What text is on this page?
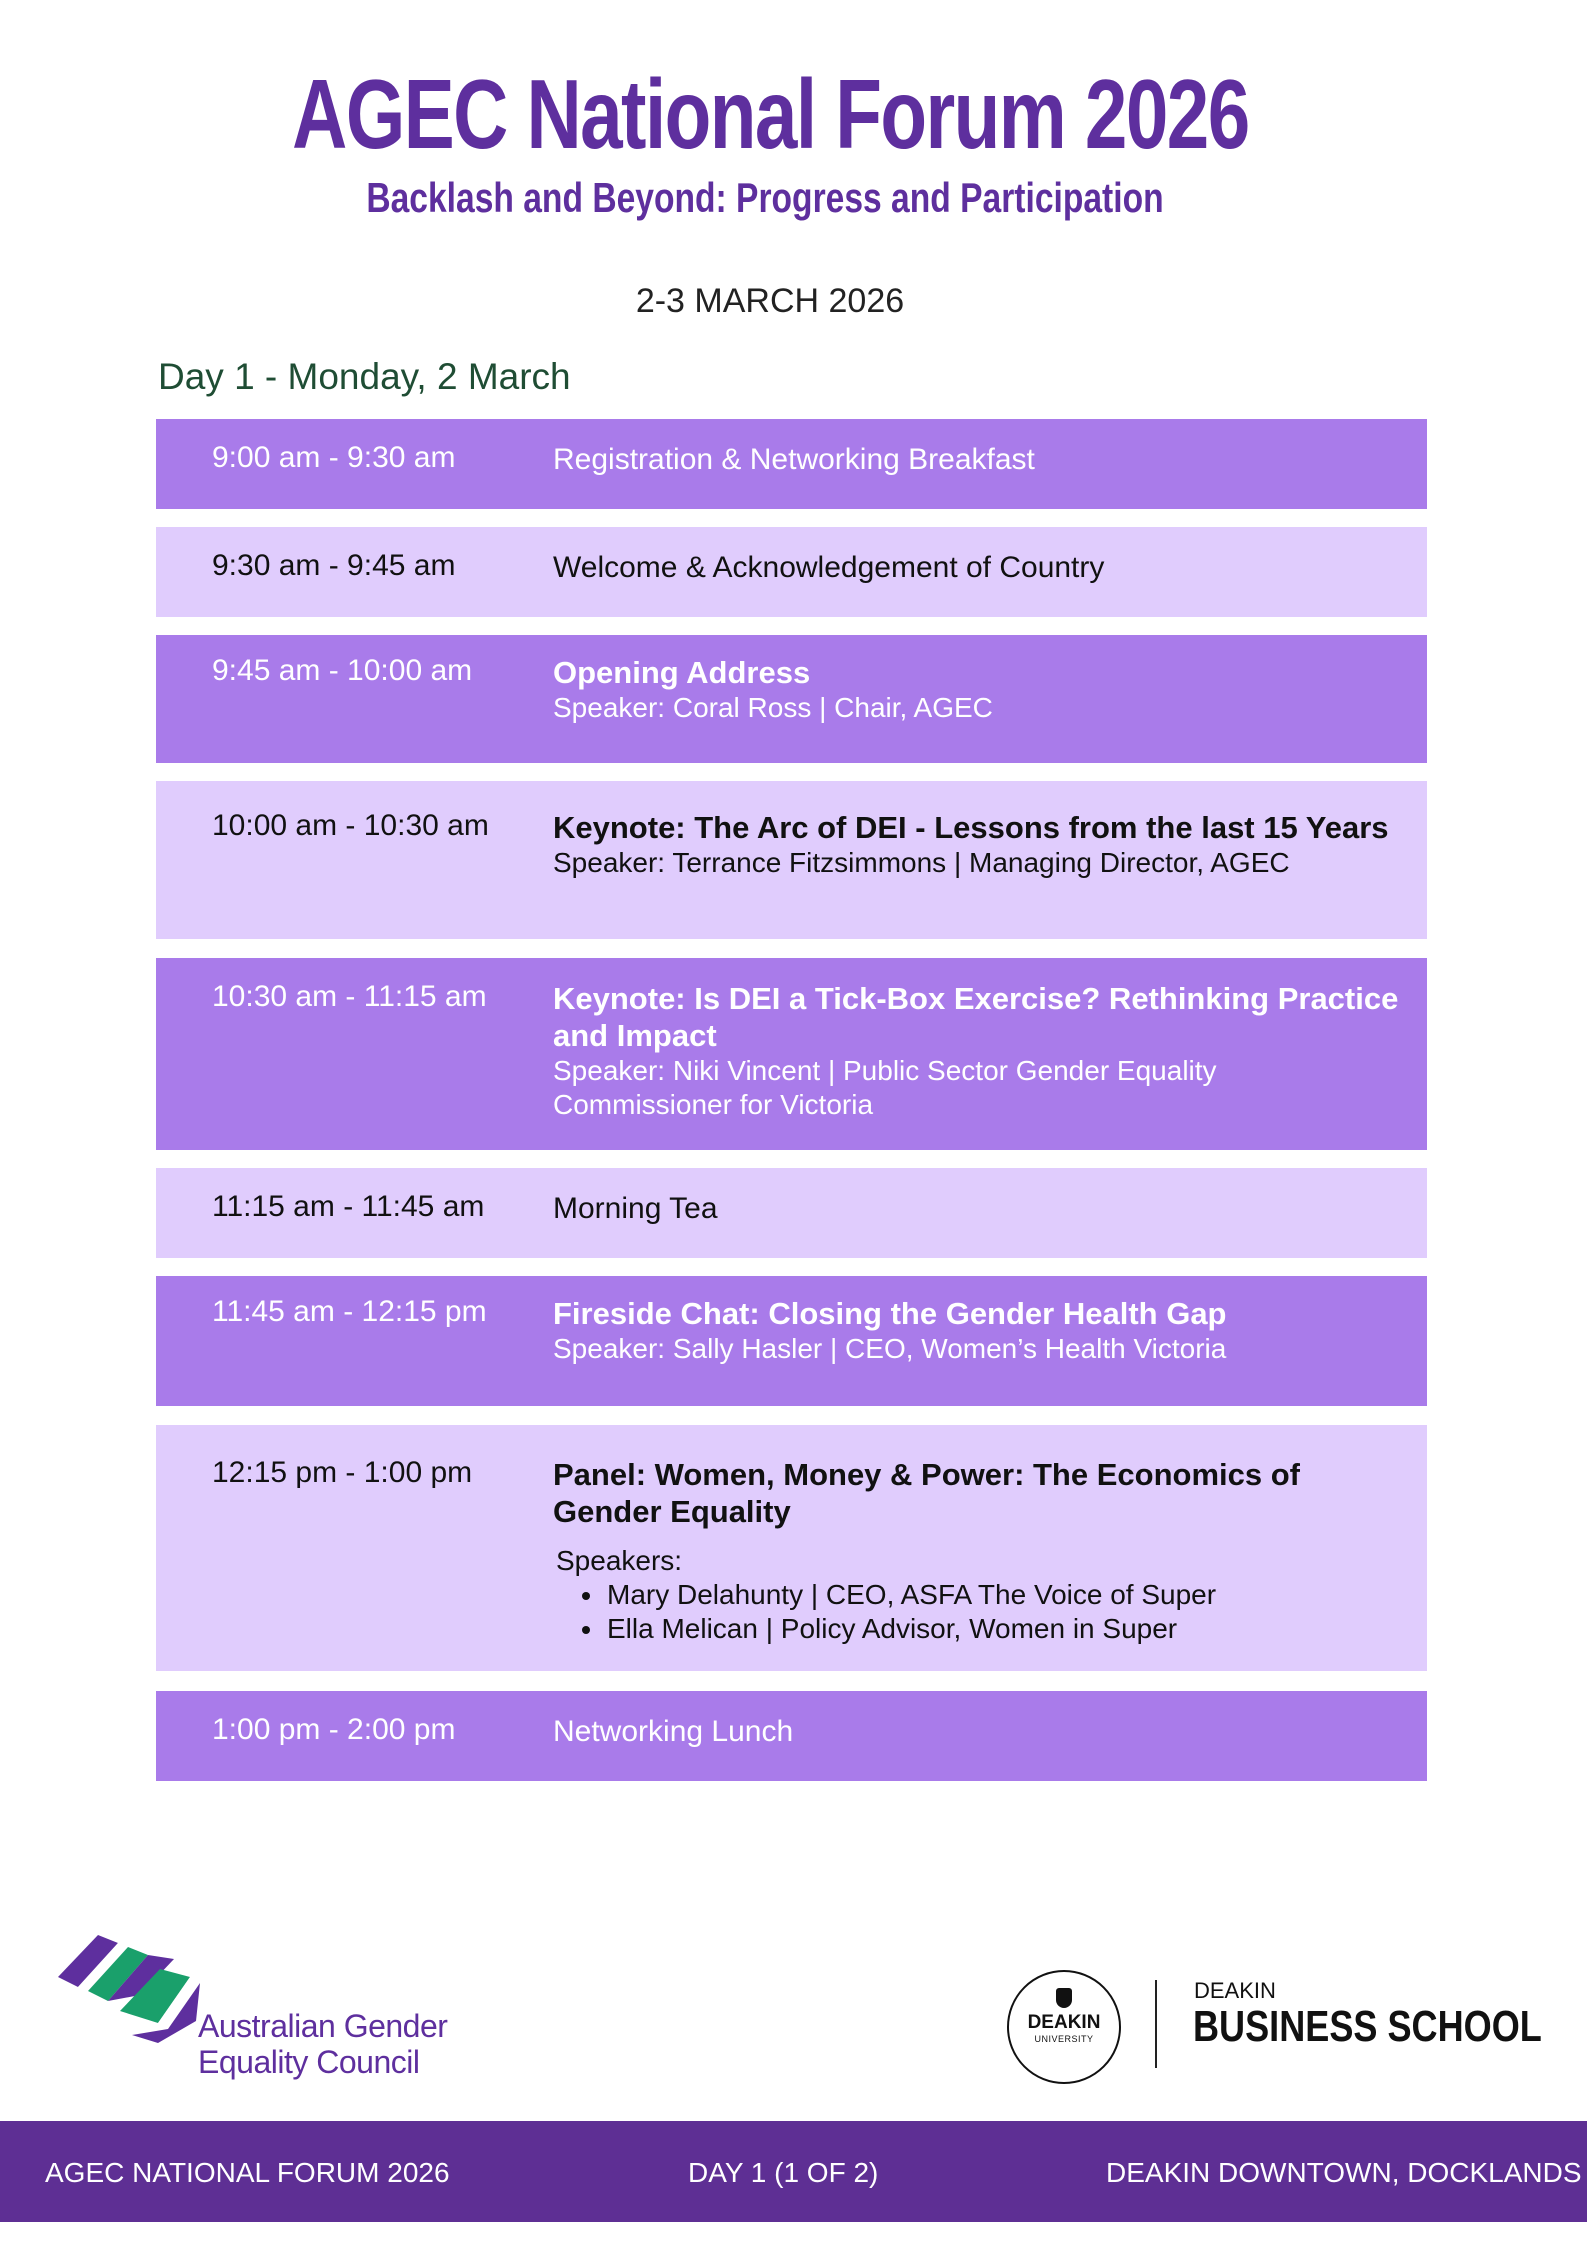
AGEC National Forum 2026
Backlash and Beyond: Progress and Participation
2-3 MARCH 2026
Day 1 - Monday, 2 March
9:00 am - 9:30 am	Registration & Networking Breakfast
9:30 am - 9:45 am	Welcome & Acknowledgement of Country
9:45 am - 10:00 am	Opening Address
Speaker: Coral Ross | Chair, AGEC
10:00 am - 10:30 am Keynote: The Arc of DEI - Lessons from the last 15 Years
Speaker: Terrance Fitzsimmons | Managing Director, AGEC
10:30 am - 11:15 am Keynote: Is DEI a Tick-Box Exercise? Rethinking Practice and Impact
Speaker: Niki Vincent | Public Sector Gender Equality Commissioner for Victoria
11:15 am - 11:45 am Morning Tea
11:45 am - 12:15 pm Fireside Chat: Closing the Gender Health Gap
Speaker: Sally Hasler | CEO, Women’s Health Victoria
12:15 pm - 1:00 pm	Panel: Women, Money & Power: The Economics of Gender Equality
Speakers:
• Mary Delahunty | CEO, ASFA The Voice of Super
• Ella Melican | Policy Advisor, Women in Super
1:00 pm - 2:00 pm	Networking Lunch
Australian Gender
Equality Council
DEAKIN
UNIVERSITY
DEAKIN
BUSINESS SCHOOL
AGEC NATIONAL FORUM 2026	DAY 1 (1 OF 2)	DEAKIN DOWNTOWN, DOCKLANDS
